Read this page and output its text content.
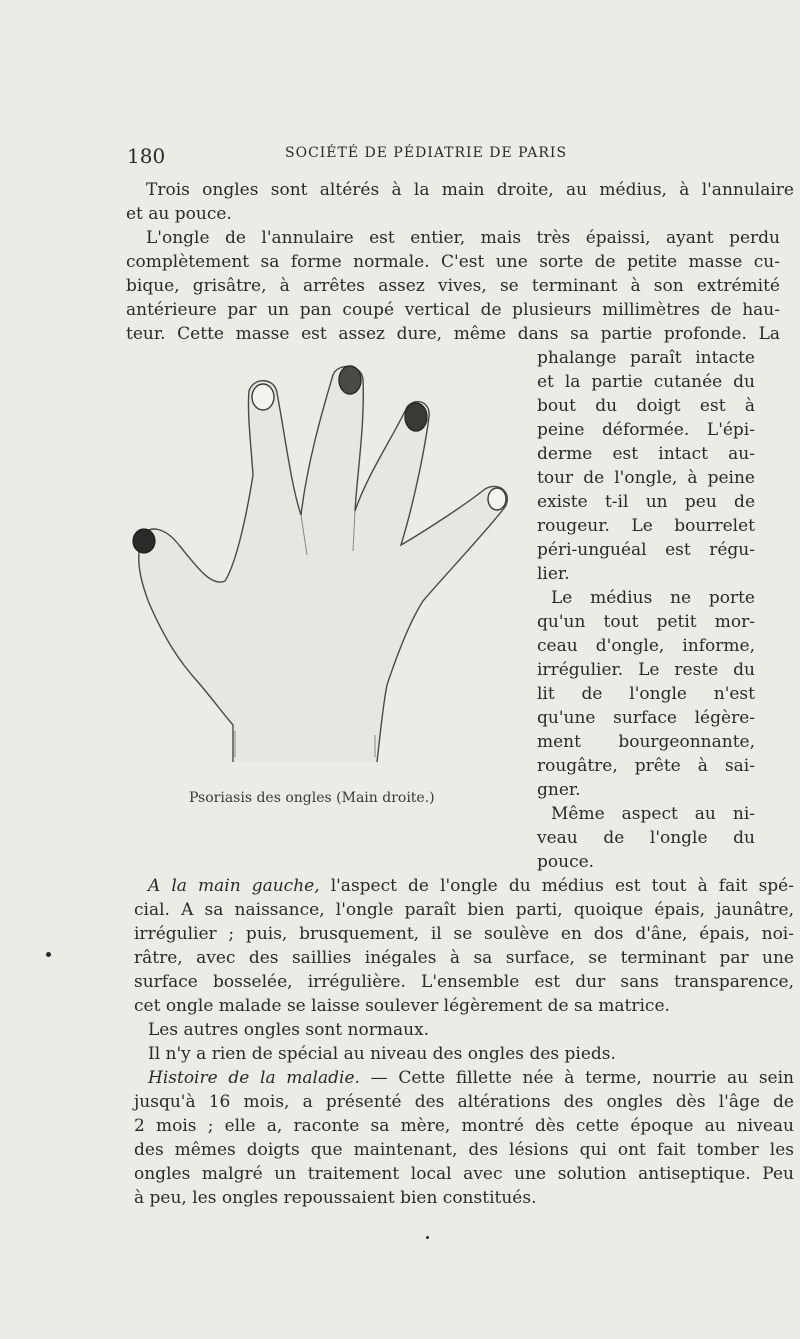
180	SOCIÉTÉ DE PÉDIATRIE DE PARIS
Trois ongles sont altérés à la main droite, au médius, à l'annulaire
et au pouce.
L'ongle de l'annulaire est entier, mais très épaissi, ayant perdu
complètement sa forme normale. C'est une sorte de petite masse cu-
bique, grisâtre, à arrêtes assez vives, se terminant à son extrémité
antérieure par un pan coupé vertical de plusieurs millimètres de hau-
teur. Cette masse est assez dure, même dans sa partie profonde. La
phalange paraît intacte
et la partie cutanée du
bout du doigt est à
peine déformée. L'épi-
derme est intact au-
tour de l'ongle, à peine
existe t-il un peu de
rougeur. Le bourrelet
péri-unguéal est régu-
lier.
Le médius ne porte
qu'un tout petit mor-
ceau d'ongle, informe,
irrégulier. Le reste du
lit de l'ongle n'est
qu'une surface légère-
ment bourgeonnante,
rougâtre, prête à sai-
gner.
Même aspect au ni-
veau de l'ongle du
pouce.
Psoriasis des ongles (Main droite.)
A la main gauche, l'aspect de l'ongle du médius est tout à fait spé-
cial. A sa naissance, l'ongle paraît bien parti, quoique épais, jaunâtre,
irrégulier ; puis, brusquement, il se soulève en dos d'âne, épais, noi-
râtre, avec des saillies inégales à sa surface, se terminant par une
surface bosselée, irrégulière. L'ensemble est dur sans transparence,
cet ongle malade se laisse soulever légèrement de sa matrice.
Les autres ongles sont normaux.
Il n'y a rien de spécial au niveau des ongles des pieds.
Histoire de la maladie. — Cette fillette née à terme, nourrie au sein
jusqu'à 16 mois, a présenté des altérations des ongles dès l'âge de
2 mois ; elle a, raconte sa mère, montré dès cette époque au niveau
des mêmes doigts que maintenant, des lésions qui ont fait tomber les
ongles malgré un traitement local avec une solution antiseptique. Peu
à peu, les ongles repoussaient bien constitués.
